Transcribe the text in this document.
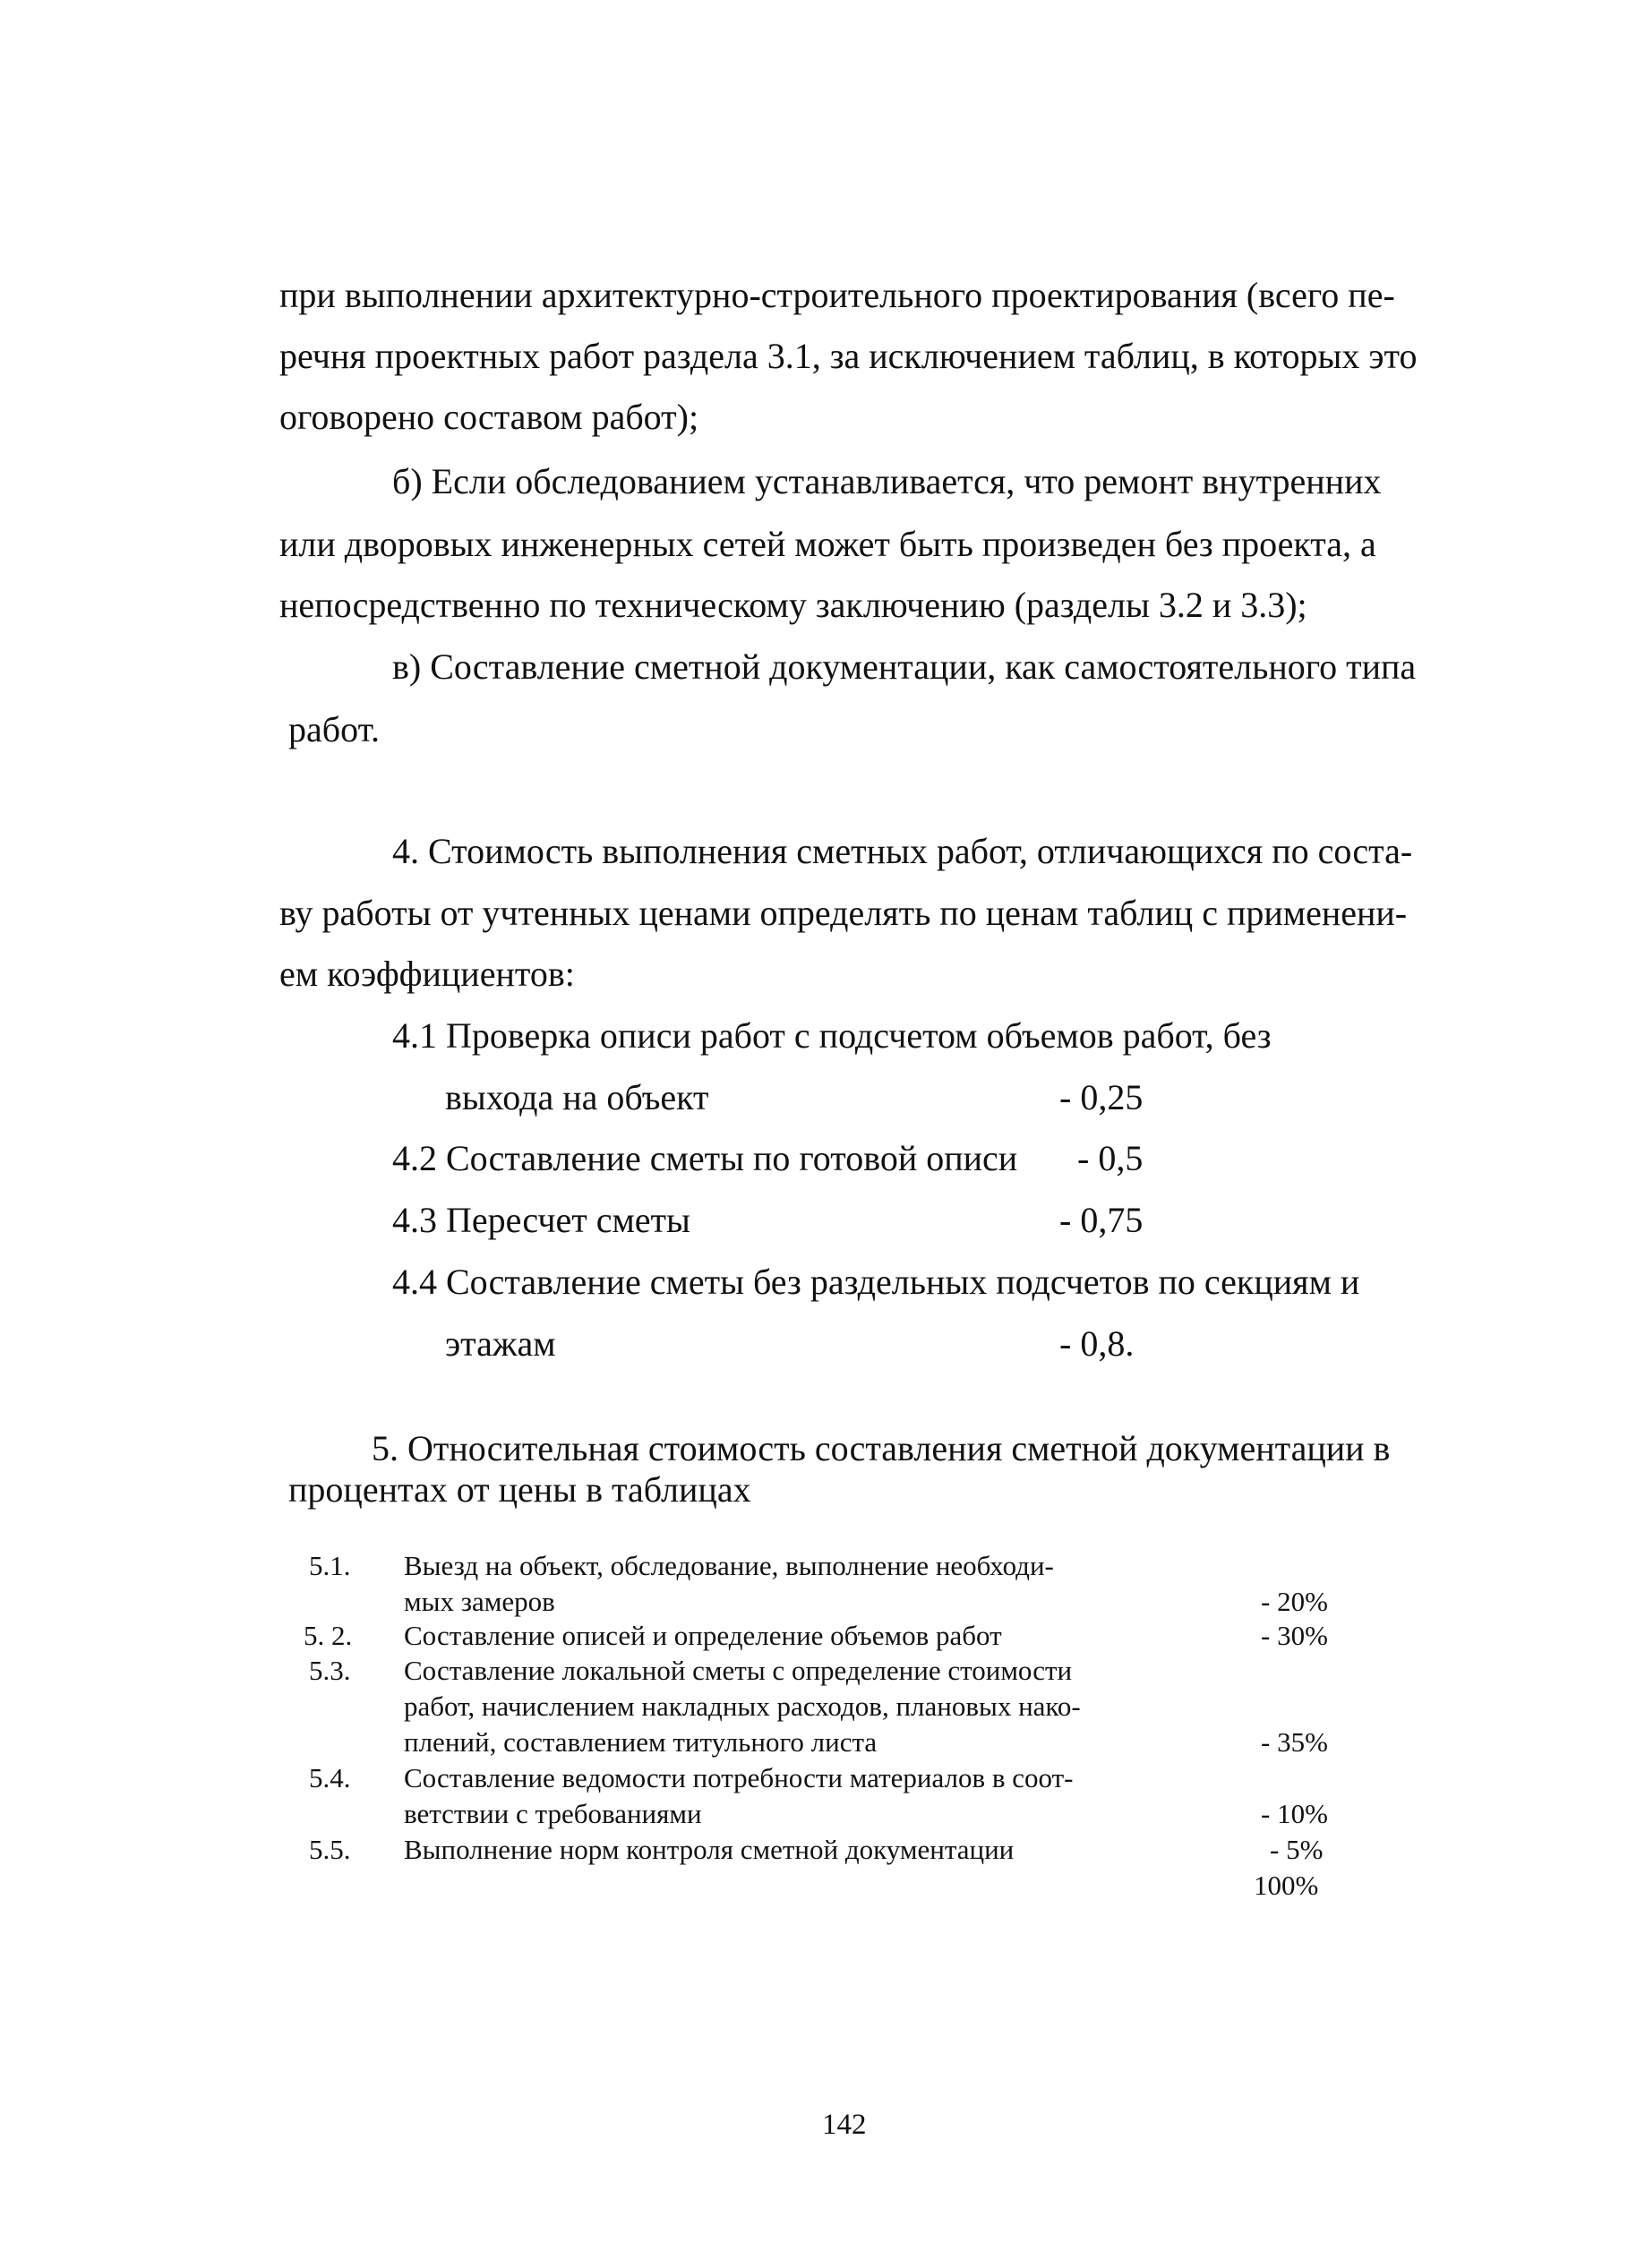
при выполнении архитектурно-строительного проектирования (всего пе-
речня проектных работ раздела 3.1, за исключением таблиц, в которых это
оговорено составом работ);
б) Если обследованием устанавливается, что ремонт внутренних
или дворовых инженерных сетей может быть произведен без проекта, а
непосредственно по техническому заключению (разделы 3.2 и 3.3);
в) Составление сметной документации, как самостоятельного типа
работ.
4. Стоимость выполнения сметных работ, отличающихся по соста-
ву работы от учтенных ценами определять по ценам таблиц с применени-
ем коэффициентов:
4.1 Проверка описи работ с подсчетом объемов работ, без
выхода на объект	- 0,25
4.2 Составление сметы по готовой описи - 0,5
4.3 Пересчет сметы	- 0,75
4.4 Составление сметы без раздельных подсчетов по секциям и
этажам	- 0,8.
5. Относительная стоимость составления сметной документации в
процентах от цены в таблицах
5.1. Выезд на объект, обследование, выполнение необходи-
мых замеров	- 20%
5. 2. Составление описей и определение объемов работ	- 30%
5.3. Составление локальной сметы с определение стоимости
работ, начислением накладных расходов, плановых нако-
плений, составлением титульного листа	- 35%
5.4. Составление ведомости потребности материалов в соот-
ветствии с требованиями	- 10%
5.5. Выполнение норм контроля сметной документации	- 5%
100%
142
